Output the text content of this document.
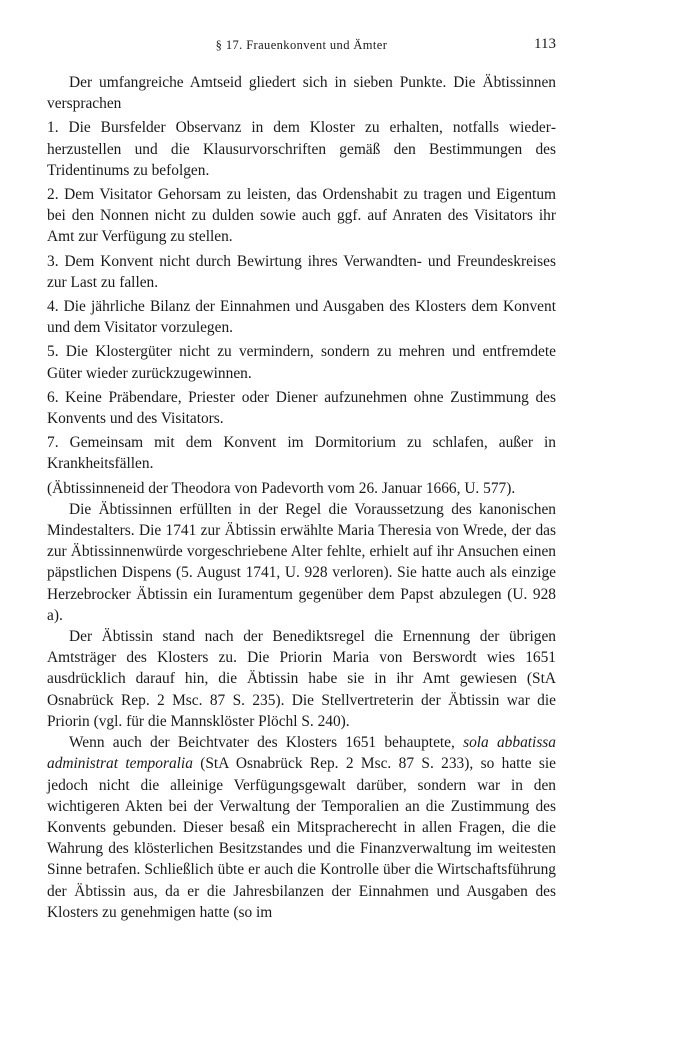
§ 17. Frauenkonvent und Ämter	113

Der umfangreiche Amtseid gliedert sich in sieben Punkte. Die Äbtissinnen versprachen

1. Die Bursfelder Observanz in dem Kloster zu erhalten, notfalls wiederherzustellen und die Klausurvorschriften gemäß den Bestimmungen des Tridentinums zu befolgen.

2. Dem Visitator Gehorsam zu leisten, das Ordenshabit zu tragen und Eigentum bei den Nonnen nicht zu dulden sowie auch ggf. auf Anraten des Visitators ihr Amt zur Verfügung zu stellen.

3. Dem Konvent nicht durch Bewirtung ihres Verwandten- und Freundeskreises zur Last zu fallen.

4. Die jährliche Bilanz der Einnahmen und Ausgaben des Klosters dem Konvent und dem Visitator vorzulegen.

5. Die Klostergüter nicht zu vermindern, sondern zu mehren und entfremdete Güter wieder zurückzugewinnen.

6. Keine Präbendare, Priester oder Diener aufzunehmen ohne Zustimmung des Konvents und des Visitators.

7. Gemeinsam mit dem Konvent im Dormitorium zu schlafen, außer in Krankheitsfällen.

(Äbtissinneneid der Theodora von Padevorth vom 26. Januar 1666, U. 577).

Die Äbtissinnen erfüllten in der Regel die Voraussetzung des kanonischen Mindestalters. Die 1741 zur Äbtissin erwählte Maria Theresia von Wrede, der das zur Äbtissinnenwürde vorgeschriebene Alter fehlte, erhielt auf ihr Ansuchen einen päpstlichen Dispens (5. August 1741, U. 928 verloren). Sie hatte auch als einzige Herzebrocker Äbtissin ein Iuramentum gegenüber dem Papst abzulegen (U. 928 a).

Der Äbtissin stand nach der Benediktsregel die Ernennung der übrigen Amtsträger des Klosters zu. Die Priorin Maria von Berswordt wies 1651 ausdrücklich darauf hin, die Äbtissin habe sie in ihr Amt gewiesen (StA Osnabrück Rep. 2 Msc. 87 S. 235). Die Stellvertreterin der Äbtissin war die Priorin (vgl. für die Mannsklöster Plöchl S. 240).

Wenn auch der Beichtvater des Klosters 1651 behauptete, sola abbatissa administrat temporalia (StA Osnabrück Rep. 2 Msc. 87 S. 233), so hatte sie jedoch nicht die alleinige Verfügungsgewalt darüber, sondern war in den wichtigeren Akten bei der Verwaltung der Temporalien an die Zustimmung des Konvents gebunden. Dieser besaß ein Mitspracherecht in allen Fragen, die die Wahrung des klösterlichen Besitzstandes und die Finanzverwaltung im weitesten Sinne betrafen. Schließlich übte er auch die Kontrolle über die Wirtschaftsführung der Äbtissin aus, da er die Jahresbilanzen der Einnahmen und Ausgaben des Klosters zu genehmigen hatte (so im
